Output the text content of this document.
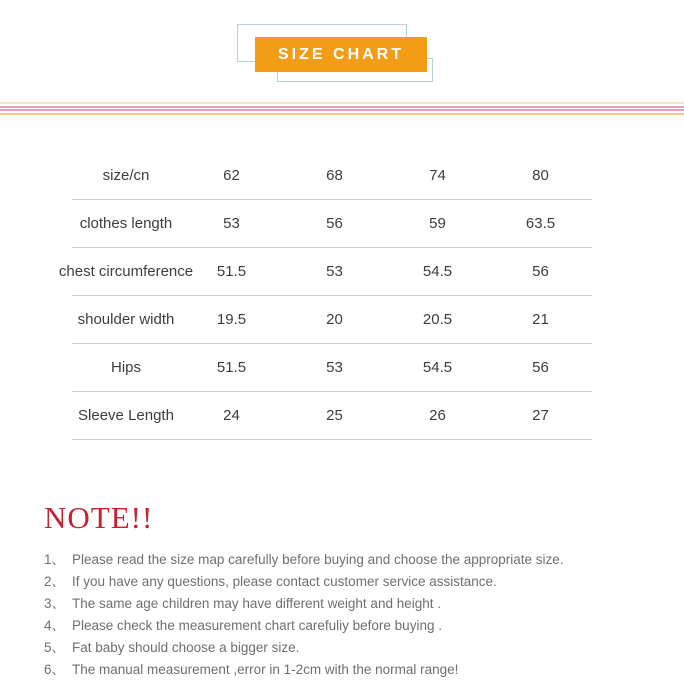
SIZE CHART
size/cn	62	68	74	80
clothes length	53	56	59	63.5
chest circumference	51.5	53	54.5	56
shoulder width	19.5	20	20.5	21
Hips	51.5	53	54.5	56
Sleeve Length	24	25	26	27
NOTE!!
1、 Please read the size map carefully before buying and choose the appropriate size.
2、 If you have any questions, please contact customer service assistance.
3、 The same age children may have different weight and height .
4、 Please check the measurement chart carefuliy before buying .
5、 Fat baby should choose a bigger size.
6、 The manual measurement ,error in 1-2cm with the normal range!
